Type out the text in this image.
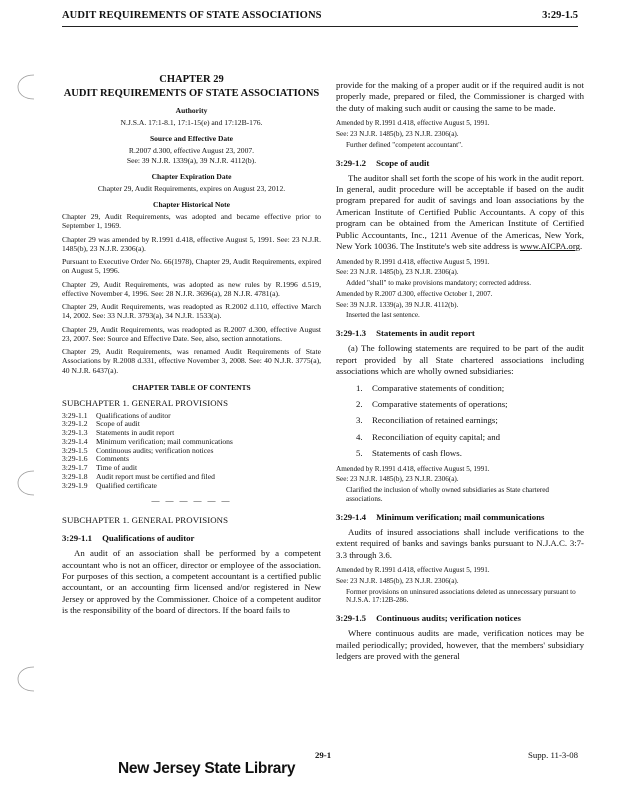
AUDIT REQUIREMENTS OF STATE ASSOCIATIONS	3:29-1.5
CHAPTER 29
AUDIT REQUIREMENTS OF STATE ASSOCIATIONS
Authority
N.J.S.A. 17:1-8.1, 17:1-15(e) and 17:12B-176.
Source and Effective Date
R.2007 d.300, effective August 23, 2007.
See: 39 N.J.R. 1339(a), 39 N.J.R. 4112(b).
Chapter Expiration Date
Chapter 29, Audit Requirements, expires on August 23, 2012.
Chapter Historical Note

Chapter 29, Audit Requirements, was adopted and became effective prior to September 1, 1969.

Chapter 29 was amended by R.1991 d.418, effective August 5, 1991. See: 23 N.J.R. 1485(b), 23 N.J.R. 2306(a).

Pursuant to Executive Order No. 66(1978), Chapter 29, Audit Requirements, expired on August 5, 1996.

Chapter 29, Audit Requirements, was adopted as new rules by R.1996 d.519, effective November 4, 1996. See: 28 N.J.R. 3696(a), 28 N.J.R. 4781(a).

Chapter 29, Audit Requirements, was readopted as R.2002 d.110, effective March 14, 2002. See: 33 N.J.R. 3793(a), 34 N.J.R. 1533(a).

Chapter 29, Audit Requirements, was readopted as R.2007 d.300, effective August 23, 2007. See: Source and Effective Date. See, also, section annotations.

Chapter 29, Audit Requirements, was renamed Audit Requirements of State Associations by R.2008 d.331, effective November 3, 2008. See: 40 N.J.R. 3775(a), 40 N.J.R. 6437(a).

CHAPTER TABLE OF CONTENTS
SUBCHAPTER 1. GENERAL PROVISIONS
3:29-1.1	Qualifications of auditor
3:29-1.2	Scope of audit
3:29-1.3	Statements in audit report
3:29-1.4	Minimum verification; mail communications
3:29-1.5	Continuous audits; verification notices
3:29-1.6	Comments
3:29-1.7	Time of audit
3:29-1.8	Audit report must be certified and filed
3:29-1.9	Qualified certificate
— — — — — —
SUBCHAPTER 1. GENERAL PROVISIONS
3:29-1.1 Qualifications of auditor

An audit of an association shall be performed by a competent accountant who is not an officer, director or employee of the association. For purposes of this section, a competent accountant is a certified public accountant, or an accounting firm licensed and/or registered in New Jersey or approved by the Commissioner. Choice of a competent auditor is the responsibility of the board of directors. If the board fails to

provide for the making of a proper audit or if the required audit is not properly made, prepared or filed, the Commissioner is charged with the duty of making such audit or causing the same to be made.

Amended by R.1991 d.418, effective August 5, 1991.
See: 23 N.J.R. 1485(b), 23 N.J.R. 2306(a).
Further defined "competent accountant".
3:29-1.2 Scope of audit

The auditor shall set forth the scope of his work in the audit report. In general, audit procedure will be acceptable if based on the audit program prepared for audit of savings and loan associations by the American Institute of Certified Public Accountants. A copy of this program can be obtained from the American Institute of Certified Public Accountants, Inc., 1211 Avenue of the Americas, New York, New York 10036. The Institute's web site address is www.AICPA.org.

Amended by R.1991 d.418, effective August 5, 1991.
See: 23 N.J.R. 1485(b), 23 N.J.R. 2306(a).
Added "shall" to make provisions mandatory; corrected address.
Amended by R.2007 d.300, effective October 1, 2007.
See: 39 N.J.R. 1339(a), 39 N.J.R. 4112(b).
Inserted the last sentence.
3:29-1.3 Statements in audit report

(a) The following statements are required to be part of the audit report provided by all State chartered associations including associations which are wholly owned subsidiaries:

1.	Comparative statements of condition;
2.	Comparative statements of operations;
3.	Reconciliation of retained earnings;
4.	Reconciliation of equity capital; and
5.	Statements of cash flows.
Amended by R.1991 d.418, effective August 5, 1991.
See: 23 N.J.R. 1485(b), 23 N.J.R. 2306(a).
Clarified the inclusion of wholly owned subsidiaries as State chartered associations.
3:29-1.4 Minimum verification; mail communications

Audits of insured associations shall include verifications to the extent required of banks and savings banks pursuant to N.J.A.C. 3:7-3.3 through 3.6.

Amended by R.1991 d.418, effective August 5, 1991.
See: 23 N.J.R. 1485(b), 23 N.J.R. 2306(a).
Former provisions on uninsured associations deleted as unnecessary pursuant to N.J.S.A. 17:12B-286.
3:29-1.5 Continuous audits; verification notices

Where continuous audits are made, verification notices may be mailed periodically; provided, however, that the members' subsidiary ledgers are proved with the general

New Jersey State Library
29-1	Supp. 11-3-08
